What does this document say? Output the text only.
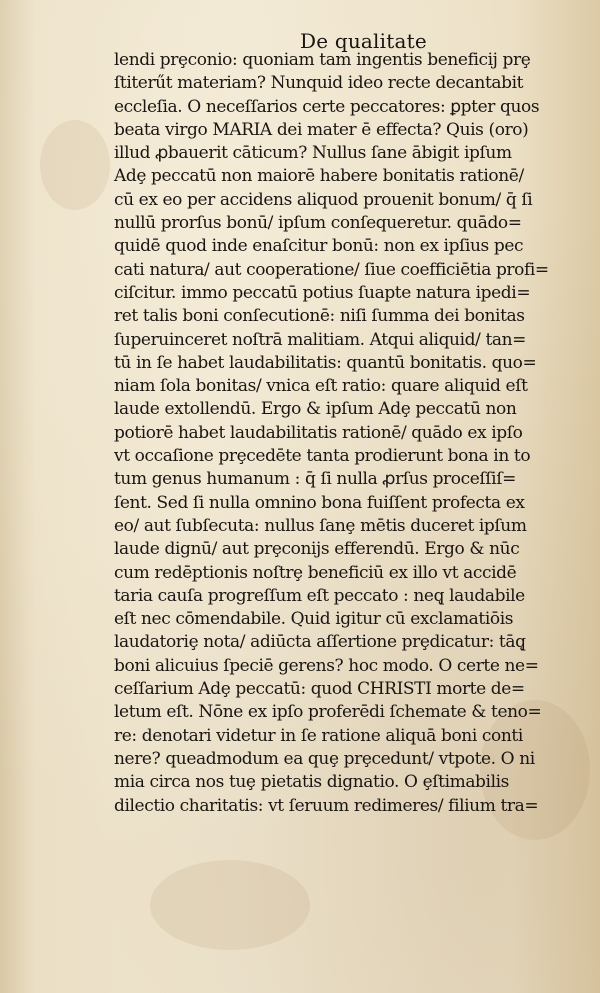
De qualitate
lendi prȩconio: quoniam tam ingentis beneficij prȩ
ſtiterűt materiam? Nunquid ideo recte decantabit
eccleſia. O neceſſarios certe peccatores: ꝑpter quos
beata virgo MARIA dei mater ē effecta? Quis (oro)
illud ꝓbauerit cāticum? Nullus ſane ābigit ipſum
Adȩ peccatū non maiorē habere bonitatis rationē/
cū ex eo per accidens aliquod prouenit bonum/ q̄ ſi
nullū prorſus bonū/ ipſum conſequeretur. quādo=
quidē quod inde enaſcitur bonū: non ex ipſius pec
cati natura/ aut cooperatione/ ſiue coefficiētia profi=
ciſcitur. immo peccatū potius ſuapte natura ipedi=
ret talis boni conſecutionē: niſi ſumma dei bonitas
ſuperuinceret noſtrā malitiam. Atqui aliquid/ tan=
tū in ſe habet laudabilitatis: quantū bonitatis. quo=
niam ſola bonitas/ vnica eſt ratio: quare aliquid eſt
laude extollendū. Ergo & ipſum Adȩ peccatū non
potiorē habet laudabilitatis rationē/ quādo ex ipſo
vt occaſione prȩcedēte tanta prodierunt bona in to
tum genus humanum : q̄ ſi nulla ꝓrſus proceſſiſ=
ſent. Sed ſi nulla omnino bona fuiſſent profecta ex
eo/ aut ſubſecuta: nullus ſanȩ mētis duceret ipſum
laude dignū/ aut prȩconijs efferendū. Ergo & nūc
cum redēptionis noſtrȩ beneficiū ex illo vt accidē
taria cauſa progreſſum eſt peccato : neq̨ laudabile
eſt nec cōmendabile. Quid igitur cū exclamatiōis
laudatoriȩ nota/ adiūcta aſſertione prȩdicatur: tāq̨
boni alicuius ſpeciē gerens? hoc modo. O certe ne=
ceſſarium Adȩ peccatū: quod CHRISTI morte de=
letum eſt. Nōne ex ipſo proferēdi ſchemate & teno=
re: denotari videtur in ſe ratione aliquā boni conti
nere? queadmodum ea quȩ prȩcedunt/ vtpote. O ni
mia circa nos tuȩ pietatis dignatio. O ȩſtimabilis
dilectio charitatis: vt ſeruum redimeres/ filium tra=
